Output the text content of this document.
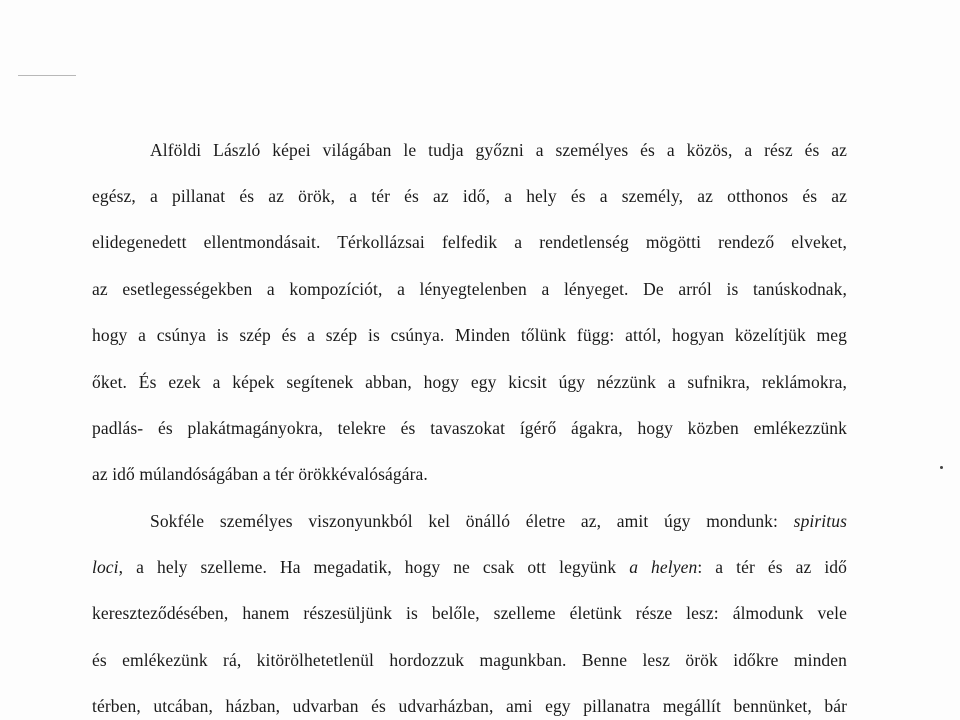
Alföldi László képei világában le tudja győzni a személyes és a közös, a rész és az
egész, a pillanat és az örök, a tér és az idő, a hely és a személy, az otthonos és az
elidegenedett ellentmondásait. Térkollázsai felfedik a rendetlenség mögötti rendező elveket,
az esetlegességekben a kompozíciót, a lényegtelenben a lényeget. De arról is tanúskodnak,
hogy a csúnya is szép és a szép is csúnya. Minden tőlünk függ: attól, hogyan közelítjük meg
őket. És ezek a képek segítenek abban, hogy egy kicsit úgy nézzünk a sufnikra, reklámokra,
padlás- és plakátmagányokra, telekre és tavaszokat ígérő ágakra, hogy közben emlékezzünk
az idő múlandóságában a tér örökkévalóságára.
Sokféle személyes viszonyunkból kel önálló életre az, amit úgy mondunk: spiritus
loci, a hely szelleme. Ha megadatik, hogy ne csak ott legyünk a helyen: a tér és az idő
kereszteződésében, hanem részesüljünk is belőle, szelleme életünk része lesz: álmodunk vele
és emlékezünk rá, kitörölhetetlenül hordozzuk magunkban. Benne lesz örök időkre minden
térben, utcában, házban, udvarban és udvarházban, ami egy pillanatra megállít bennünket, bár
